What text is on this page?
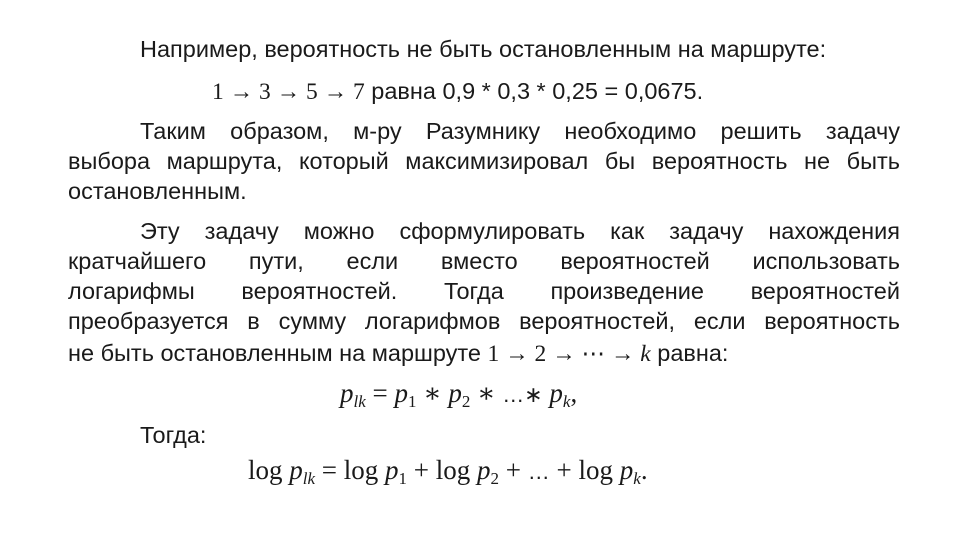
Например, вероятность не быть остановленным на маршруте:
1 → 3 → 5 → 7 равна 0,9 * 0,3 * 0,25 = 0,0675.
Таким образом, м-ру Разумнику необходимо решить задачу
выбора маршрута, который максимизировал бы вероятность не быть
остановленным.
Эту задачу можно сформулировать как задачу нахождения
кратчайшего пути, если вместо вероятностей использовать
логарифмы вероятностей. Тогда произведение вероятностей
преобразуется в сумму логарифмов вероятностей, если вероятность
не быть остановленным на маршруте 1 → 2 → ⋯ → k равна:
$p_{lk} = p_1$ ∗ $p_2$ ∗ …∗ $p_k$,
Тогда:
$\log p_{lk} = \log p_1 + \log p_2$ + … + $\log p_k$.
